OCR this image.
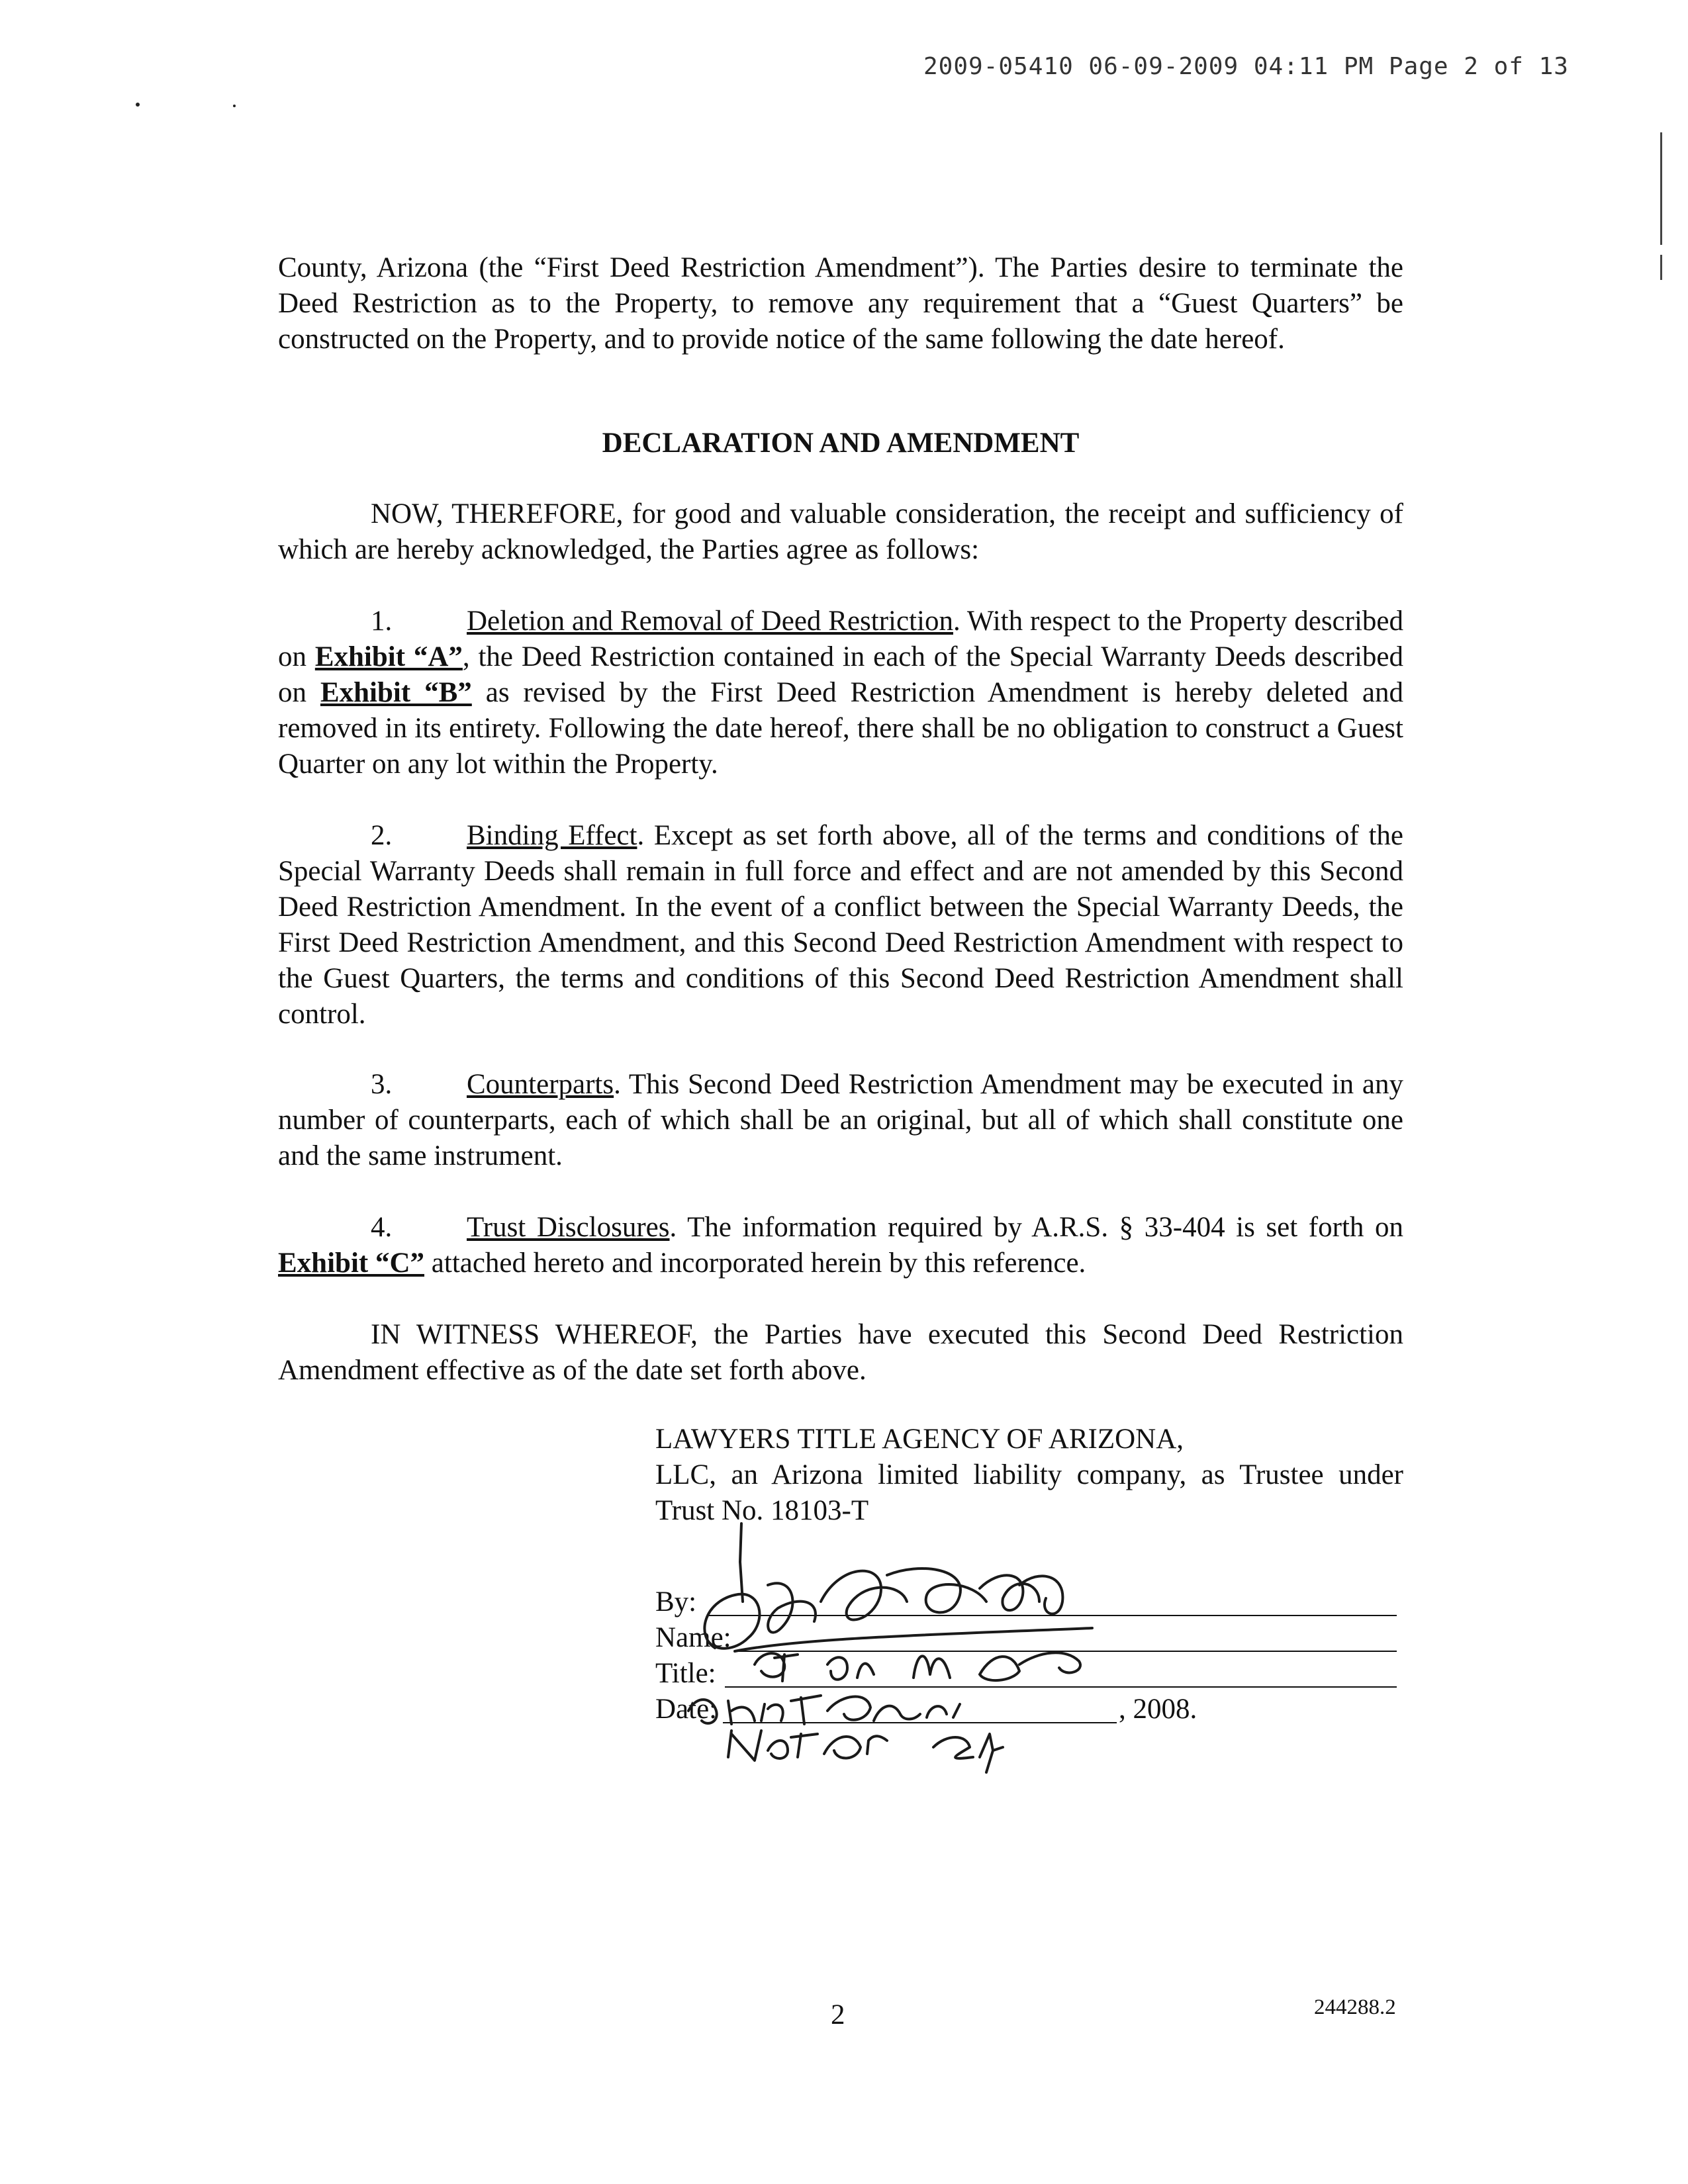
2009-05410 06-09-2009 04:11 PM Page 2 of 13

County, Arizona (the “First Deed Restriction Amendment”). The Parties desire to terminate the Deed Restriction as to the Property, to remove any requirement that a “Guest Quarters” be constructed on the Property, and to provide notice of the same following the date hereof.

DECLARATION AND AMENDMENT

NOW, THEREFORE, for good and valuable consideration, the receipt and sufficiency of which are hereby acknowledged, the Parties agree as follows:

1.	Deletion and Removal of Deed Restriction. With respect to the Property described on Exhibit “A”, the Deed Restriction contained in each of the Special Warranty Deeds described on Exhibit “B” as revised by the First Deed Restriction Amendment is hereby deleted and removed in its entirety. Following the date hereof, there shall be no obligation to construct a Guest Quarter on any lot within the Property.

2.	Binding Effect. Except as set forth above, all of the terms and conditions of the Special Warranty Deeds shall remain in full force and effect and are not amended by this Second Deed Restriction Amendment. In the event of a conflict between the Special Warranty Deeds, the First Deed Restriction Amendment, and this Second Deed Restriction Amendment with respect to the Guest Quarters, the terms and conditions of this Second Deed Restriction Amendment shall control.

3.	Counterparts. This Second Deed Restriction Amendment may be executed in any number of counterparts, each of which shall be an original, but all of which shall constitute one and the same instrument.

4.	Trust Disclosures. The information required by A.R.S. § 33-404 is set forth on Exhibit “C” attached hereto and incorporated herein by this reference.

IN WITNESS WHEREOF, the Parties have executed this Second Deed Restriction Amendment effective as of the date set forth above.

LAWYERS TITLE AGENCY OF ARIZONA,
LLC, an Arizona limited liability company, as Trustee under Trust No. 18103-T
By:
Name:
Title:
Date:	, 2008.
2	244288.2
